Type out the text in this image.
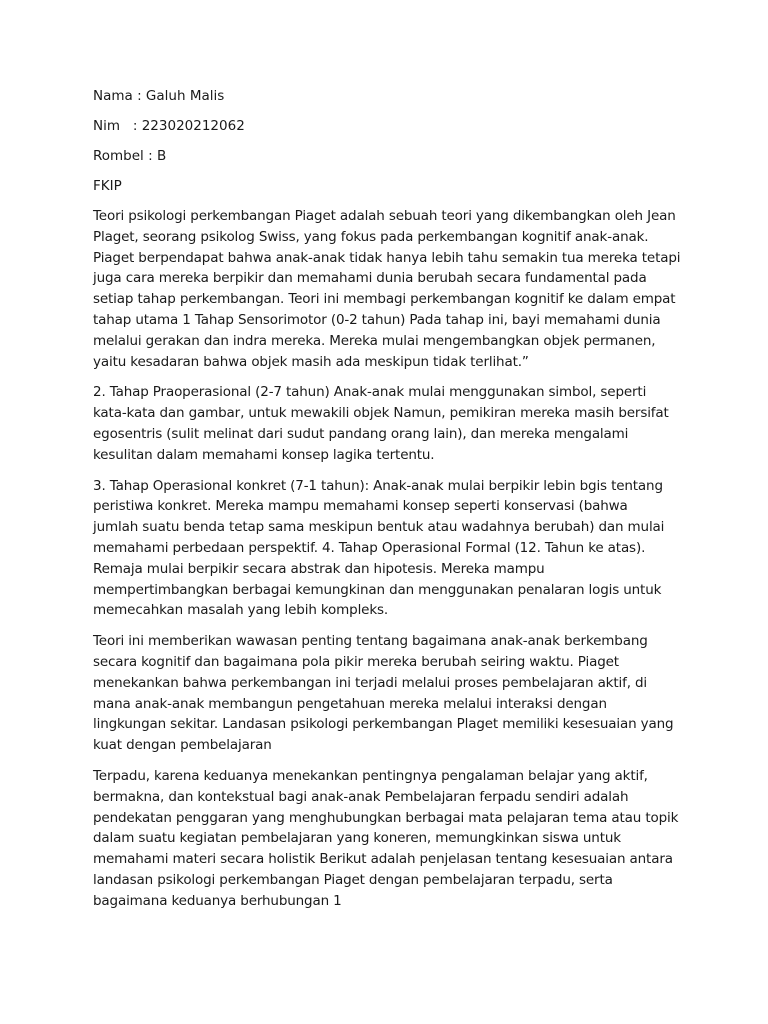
Nama : Galuh Malis
Nim   : 223020212062
Rombel : B
FKIP
Teori psikologi perkembangan Piaget adalah sebuah teori yang dikembangkan oleh Jean
Plaget, seorang psikolog Swiss, yang fokus pada perkembangan kognitif anak-anak.
Piaget berpendapat bahwa anak-anak tidak hanya lebih tahu semakin tua mereka tetapi
juga cara mereka berpikir dan memahami dunia berubah secara fundamental pada
setiap tahap perkembangan. Teori ini membagi perkembangan kognitif ke dalam empat
tahap utama 1 Tahap Sensorimotor (0-2 tahun) Pada tahap ini, bayi memahami dunia
melalui gerakan dan indra mereka. Mereka mulai mengembangkan objek permanen,
yaitu kesadaran bahwa objek masih ada meskipun tidak terlihat.”
2. Tahap Praoperasional (2-7 tahun) Anak-anak mulai menggunakan simbol, seperti
kata-kata dan gambar, untuk mewakili objek Namun, pemikiran mereka masih bersifat
egosentris (sulit melinat dari sudut pandang orang lain), dan mereka mengalami
kesulitan dalam memahami konsep lagika tertentu.
3. Tahap Operasional konkret (7-1 tahun): Anak-anak mulai berpikir lebin bgis tentang
peristiwa konkret. Mereka mampu memahami konsep seperti konservasi (bahwa
jumlah suatu benda tetap sama meskipun bentuk atau wadahnya berubah) dan mulai
memahami perbedaan perspektif. 4. Tahap Operasional Formal (12. Tahun ke atas).
Remaja mulai berpikir secara abstrak dan hipotesis. Mereka mampu
mempertimbangkan berbagai kemungkinan dan menggunakan penalaran logis untuk
memecahkan masalah yang lebih kompleks.
Teori ini memberikan wawasan penting tentang bagaimana anak-anak berkembang
secara kognitif dan bagaimana pola pikir mereka berubah seiring waktu. Piaget
menekankan bahwa perkembangan ini terjadi melalui proses pembelajaran aktif, di
mana anak-anak membangun pengetahuan mereka melalui interaksi dengan
lingkungan sekitar. Landasan psikologi perkembangan Plaget memiliki kesesuaian yang
kuat dengan pembelajaran
Terpadu, karena keduanya menekankan pentingnya pengalaman belajar yang aktif,
bermakna, dan kontekstual bagi anak-anak Pembelajaran ferpadu sendiri adalah
pendekatan penggaran yang menghubungkan berbagai mata pelajaran tema atau topik
dalam suatu kegiatan pembelajaran yang koneren, memungkinkan siswa untuk
memahami materi secara holistik Berikut adalah penjelasan tentang kesesuaian antara
landasan psikologi perkembangan Piaget dengan pembelajaran terpadu, serta
bagaimana keduanya berhubungan 1
